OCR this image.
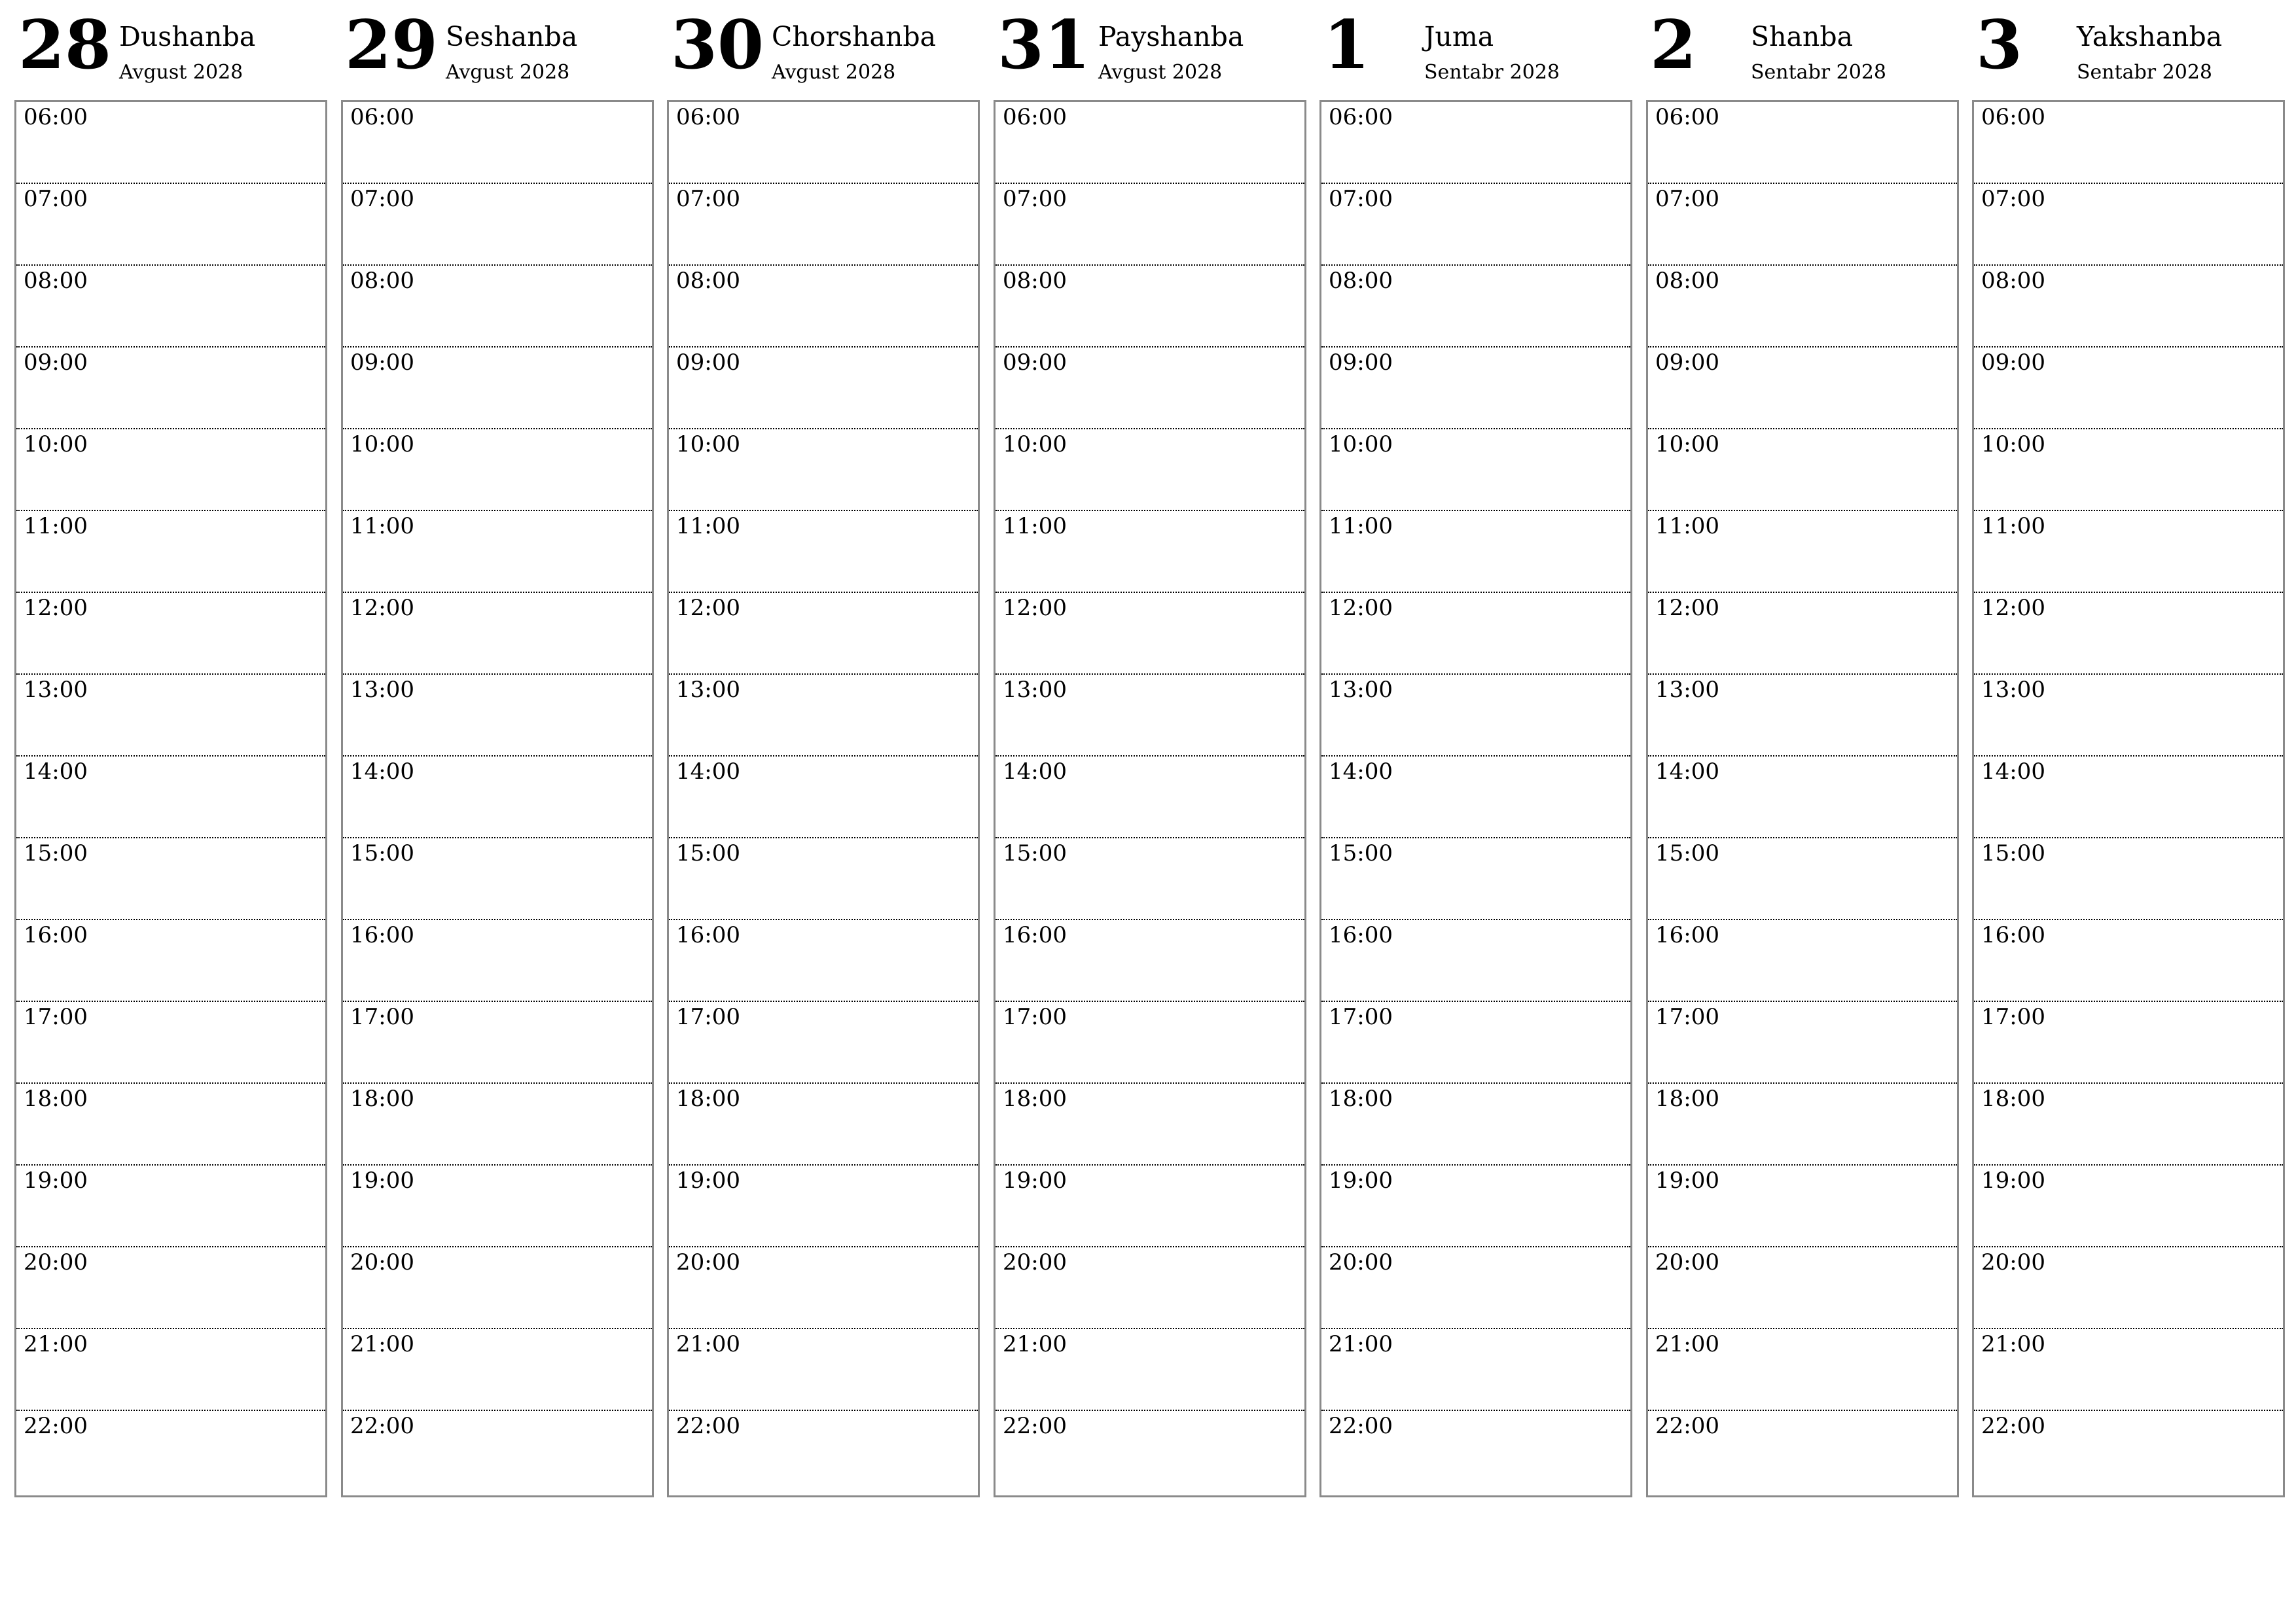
28 Dushanba
Avgust 2028
06:00
07:00
08:00
09:00
10:00
11:00
12:00
13:00
14:00
15:00
16:00
17:00
18:00
19:00
20:00
21:00
22:00
29 Seshanba
Avgust 2028
06:00
07:00
08:00
09:00
10:00
11:00
12:00
13:00
14:00
15:00
16:00
17:00
18:00
19:00
20:00
21:00
22:00
30 Chorshanba
Avgust 2028
06:00
07:00
08:00
09:00
10:00
11:00
12:00
13:00
14:00
15:00
16:00
17:00
18:00
19:00
20:00
21:00
22:00
31 Payshanba
Avgust 2028
06:00
07:00
08:00
09:00
10:00
11:00
12:00
13:00
14:00
15:00
16:00
17:00
18:00
19:00
20:00
21:00
22:00
1 Juma
Sentabr 2028
06:00
07:00
08:00
09:00
10:00
11:00
12:00
13:00
14:00
15:00
16:00
17:00
18:00
19:00
20:00
21:00
22:00
2 Shanba
Sentabr 2028
06:00
07:00
08:00
09:00
10:00
11:00
12:00
13:00
14:00
15:00
16:00
17:00
18:00
19:00
20:00
21:00
22:00
3 Yakshanba
Sentabr 2028
06:00
07:00
08:00
09:00
10:00
11:00
12:00
13:00
14:00
15:00
16:00
17:00
18:00
19:00
20:00
21:00
22:00
